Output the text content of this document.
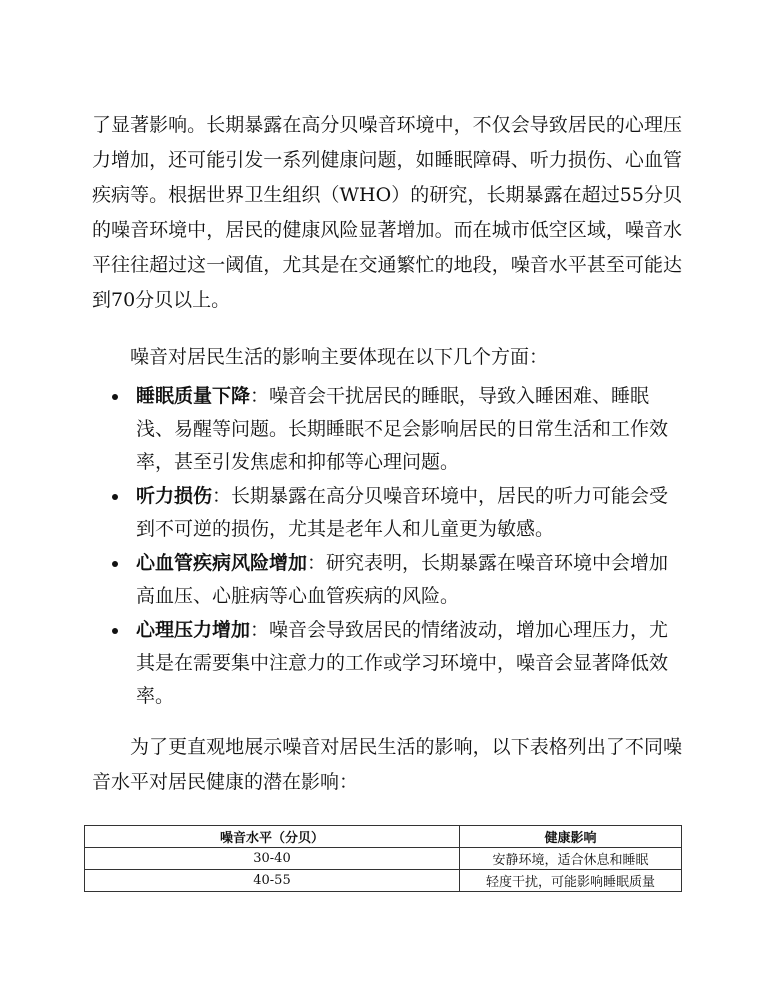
了显著影响。长期暴露在高分贝噪音环境中，不仅会导致居民的心理压力增加，还可能引发一系列健康问题，如睡眠障碍、听力损伤、心血管疾病等。根据世界卫生组织（WHO）的研究，长期暴露在超过55分贝的噪音环境中，居民的健康风险显著增加。而在城市低空区域，噪音水平往往超过这一阈值，尤其是在交通繁忙的地段，噪音水平甚至可能达到70分贝以上。

噪音对居民生活的影响主要体现在以下几个方面：

睡眠质量下降：噪音会干扰居民的睡眠，导致入睡困难、睡眠浅、易醒等问题。长期睡眠不足会影响居民的日常生活和工作效率，甚至引发焦虑和抑郁等心理问题。
听力损伤：长期暴露在高分贝噪音环境中，居民的听力可能会受到不可逆的损伤，尤其是老年人和儿童更为敏感。
心血管疾病风险增加：研究表明，长期暴露在噪音环境中会增加高血压、心脏病等心血管疾病的风险。
心理压力增加：噪音会导致居民的情绪波动，增加心理压力，尤其是在需要集中注意力的工作或学习环境中，噪音会显著降低效率。

为了更直观地展示噪音对居民生活的影响，以下表格列出了不同噪音水平对居民健康的潜在影响：

噪音水平（分贝）	健康影响
30-40	安静环境，适合休息和睡眠
40-55	轻度干扰，可能影响睡眠质量
